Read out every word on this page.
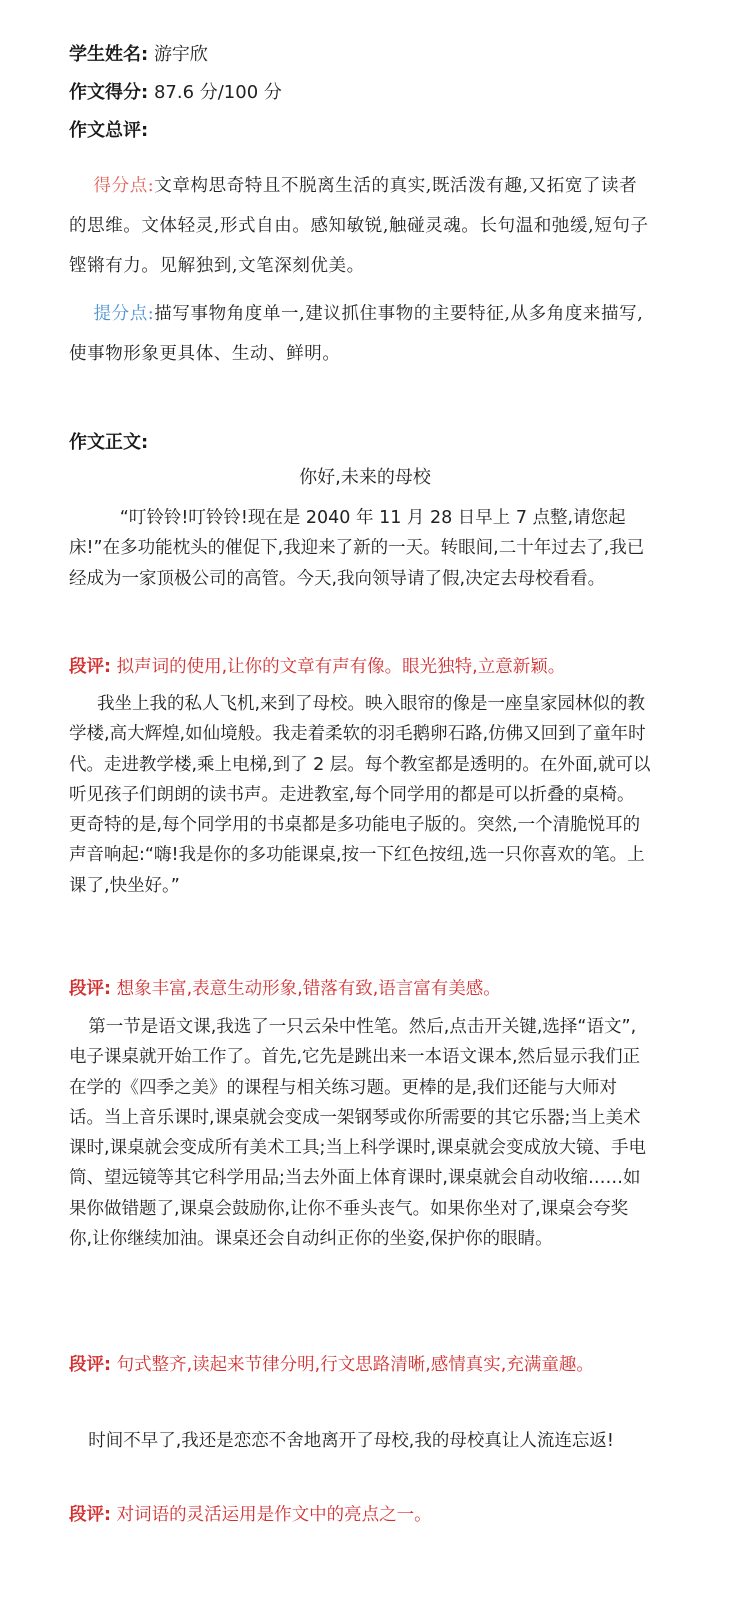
学生姓名: 游宇欣
作文得分: 87.6 分/100 分
作文总评:

得分点:文章构思奇特且不脱离生活的真实,既活泼有趣,又拓宽了读者的思维。文体轻灵,形式自由。感知敏锐,触碰灵魂。长句温和弛缓,短句子铿锵有力。见解独到,文笔深刻优美。

提分点:描写事物角度单一,建议抓住事物的主要特征,从多角度来描写,使事物形象更具体、生动、鲜明。

作文正文:
你好,未来的母校
“叮铃铃!叮铃铃!现在是 2040 年 11 月 28 日早上 7 点整,请您起床!”在多功能枕头的催促下,我迎来了新的一天。转眼间,二十年过去了,我已经成为一家顶极公司的高管。今天,我向领导请了假,决定去母校看看。
段评: 拟声词的使用,让你的文章有声有像。眼光独特,立意新颖。
我坐上我的私人飞机,来到了母校。映入眼帘的像是一座皇家园林似的教学楼,高大辉煌,如仙境般。我走着柔软的羽毛鹅卵石路,仿佛又回到了童年时代。走进教学楼,乘上电梯,到了 2 层。每个教室都是透明的。在外面,就可以听见孩子们朗朗的读书声。走进教室,每个同学用的都是可以折叠的桌椅。更奇特的是,每个同学用的书桌都是多功能电子版的。突然,一个清脆悦耳的声音响起:“嗨!我是你的多功能课桌,按一下红色按纽,选一只你喜欢的笔。上课了,快坐好。”
段评: 想象丰富,表意生动形象,错落有致,语言富有美感。
第一节是语文课,我选了一只云朵中性笔。然后,点击开关键,选择“语文”,电子课桌就开始工作了。首先,它先是跳出来一本语文课本,然后显示我们正在学的《四季之美》的课程与相关练习题。更棒的是,我们还能与大师对话。当上音乐课时,课桌就会变成一架钢琴或你所需要的其它乐器;当上美术课时,课桌就会变成所有美术工具;当上科学课时,课桌就会变成放大镜、手电筒、望远镜等其它科学用品;当去外面上体育课时,课桌就会自动收缩……如果你做错题了,课桌会鼓励你,让你不垂头丧气。如果你坐对了,课桌会夸奖你,让你继续加油。课桌还会自动纠正你的坐姿,保护你的眼睛。
段评: 句式整齐,读起来节律分明,行文思路清晰,感情真实,充满童趣。
时间不早了,我还是恋恋不舍地离开了母校,我的母校真让人流连忘返!
段评: 对词语的灵活运用是作文中的亮点之一。
